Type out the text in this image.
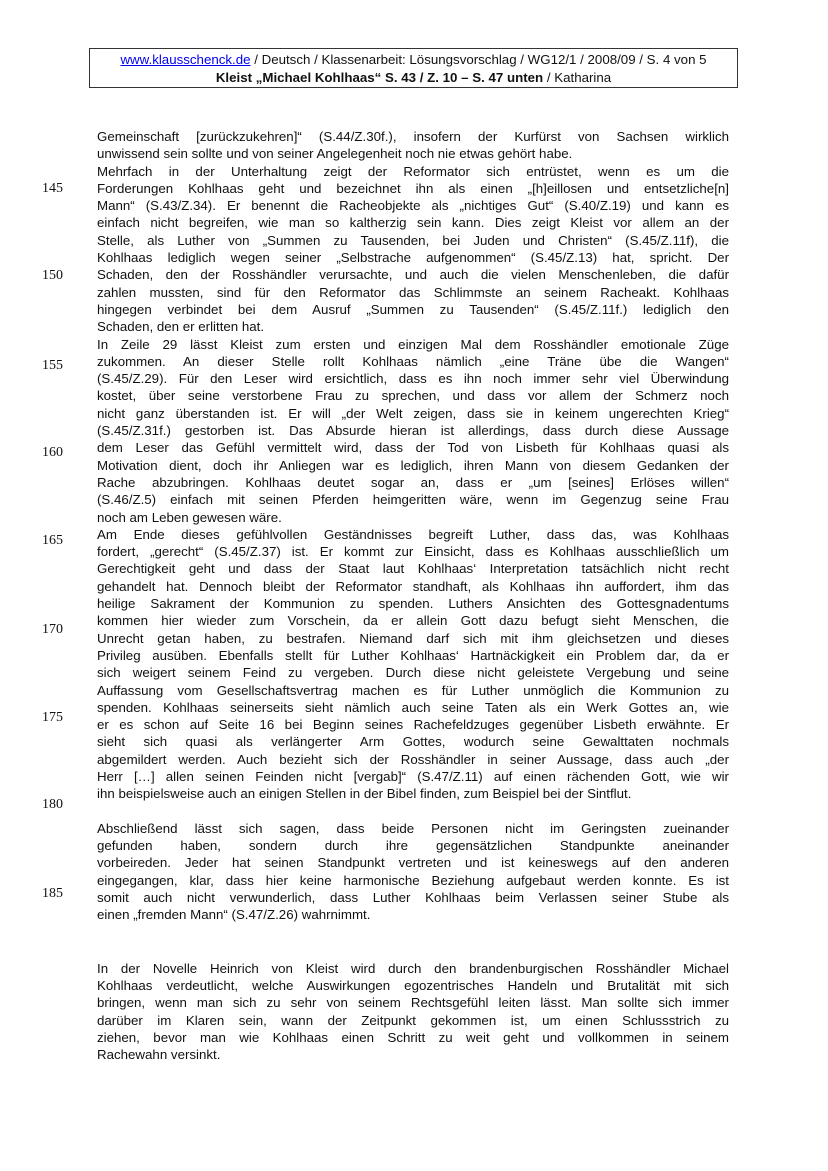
www.klausschenck.de / Deutsch / Klassenarbeit: Lösungsvorschlag / WG12/1 / 2008/09 / S. 4 von 5
Kleist „Michael Kohlhaas“ S. 43 / Z. 10 – S. 47 unten / Katharina
145
150
155
160
165
170
175
180
185
Gemeinschaft [zurückzukehren]“ (S.44/Z.30f.), insofern der Kurfürst von Sachsen wirklich
unwissend sein sollte und von seiner Angelegenheit noch nie etwas gehört habe.
Mehrfach in der Unterhaltung zeigt der Reformator sich entrüstet, wenn es um die
Forderungen Kohlhaas geht und bezeichnet ihn als einen „[h]eillosen und entsetzliche[n]
Mann“ (S.43/Z.34). Er benennt die Racheobjekte als „nichtiges Gut“ (S.40/Z.19) und kann es
einfach nicht begreifen, wie man so kaltherzig sein kann. Dies zeigt Kleist vor allem an der
Stelle, als Luther von „Summen zu Tausenden, bei Juden und Christen“ (S.45/Z.11f), die
Kohlhaas lediglich wegen seiner „Selbstrache aufgenommen“ (S.45/Z.13) hat, spricht. Der
Schaden, den der Rosshändler verursachte, und auch die vielen Menschenleben, die dafür
zahlen mussten, sind für den Reformator das Schlimmste an seinem Racheakt. Kohlhaas
hingegen verbindet bei dem Ausruf „Summen zu Tausenden“ (S.45/Z.11f.) lediglich den
Schaden, den er erlitten hat.
In Zeile 29 lässt Kleist zum ersten und einzigen Mal dem Rosshändler emotionale Züge
zukommen. An dieser Stelle rollt Kohlhaas nämlich „eine Träne übe die Wangen“
(S.45/Z.29). Für den Leser wird ersichtlich, dass es ihn noch immer sehr viel Überwindung
kostet, über seine verstorbene Frau zu sprechen, und dass vor allem der Schmerz noch
nicht ganz überstanden ist. Er will „der Welt zeigen, dass sie in keinem ungerechten Krieg“
(S.45/Z.31f.) gestorben ist. Das Absurde hieran ist allerdings, dass durch diese Aussage
dem Leser das Gefühl vermittelt wird, dass der Tod von Lisbeth für Kohlhaas quasi als
Motivation dient, doch ihr Anliegen war es lediglich, ihren Mann von diesem Gedanken der
Rache abzubringen. Kohlhaas deutet sogar an, dass er „um [seines] Erlöses willen“
(S.46/Z.5) einfach mit seinen Pferden heimgeritten wäre, wenn im Gegenzug seine Frau
noch am Leben gewesen wäre.
Am Ende dieses gefühlvollen Geständnisses begreift Luther, dass das, was Kohlhaas
fordert, „gerecht“ (S.45/Z.37) ist. Er kommt zur Einsicht, dass es Kohlhaas ausschließlich um
Gerechtigkeit geht und dass der Staat laut Kohlhaas‘ Interpretation tatsächlich nicht recht
gehandelt hat. Dennoch bleibt der Reformator standhaft, als Kohlhaas ihn auffordert, ihm das
heilige Sakrament der Kommunion zu spenden. Luthers Ansichten des Gottesgnadentums
kommen hier wieder zum Vorschein, da er allein Gott dazu befugt sieht Menschen, die
Unrecht getan haben, zu bestrafen. Niemand darf sich mit ihm gleichsetzen und dieses
Privileg ausüben. Ebenfalls stellt für Luther Kohlhaas‘ Hartnäckigkeit ein Problem dar, da er
sich weigert seinem Feind zu vergeben. Durch diese nicht geleistete Vergebung und seine
Auffassung vom Gesellschaftsvertrag machen es für Luther unmöglich die Kommunion zu
spenden. Kohlhaas seinerseits sieht nämlich auch seine Taten als ein Werk Gottes an, wie
er es schon auf Seite 16 bei Beginn seines Rachefeldzuges gegenüber Lisbeth erwähnte. Er
sieht sich quasi als verlängerter Arm Gottes, wodurch seine Gewalttaten nochmals
abgemildert werden. Auch bezieht sich der Rosshändler in seiner Aussage, dass auch „der
Herr […] allen seinen Feinden nicht [vergab]“ (S.47/Z.11) auf einen rächenden Gott, wie wir
ihn beispielsweise auch an einigen Stellen in der Bibel finden, zum Beispiel bei der Sintflut.
Abschließend lässt sich sagen, dass beide Personen nicht im Geringsten zueinander
gefunden haben, sondern durch ihre gegensätzlichen Standpunkte aneinander
vorbeireden. Jeder hat seinen Standpunkt vertreten und ist keineswegs auf den anderen
eingegangen, klar, dass hier keine harmonische Beziehung aufgebaut werden konnte. Es ist
somit auch nicht verwunderlich, dass Luther Kohlhaas beim Verlassen seiner Stube als
einen „fremden Mann“ (S.47/Z.26) wahrnimmt.
In der Novelle Heinrich von Kleist wird durch den brandenburgischen Rosshändler Michael
Kohlhaas verdeutlicht, welche Auswirkungen egozentrisches Handeln und Brutalität mit sich
bringen, wenn man sich zu sehr von seinem Rechtsgefühl leiten lässt. Man sollte sich immer
darüber im Klaren sein, wann der Zeitpunkt gekommen ist, um einen Schlussstrich zu
ziehen, bevor man wie Kohlhaas einen Schritt zu weit geht und vollkommen in seinem
Rachewahn versinkt.
